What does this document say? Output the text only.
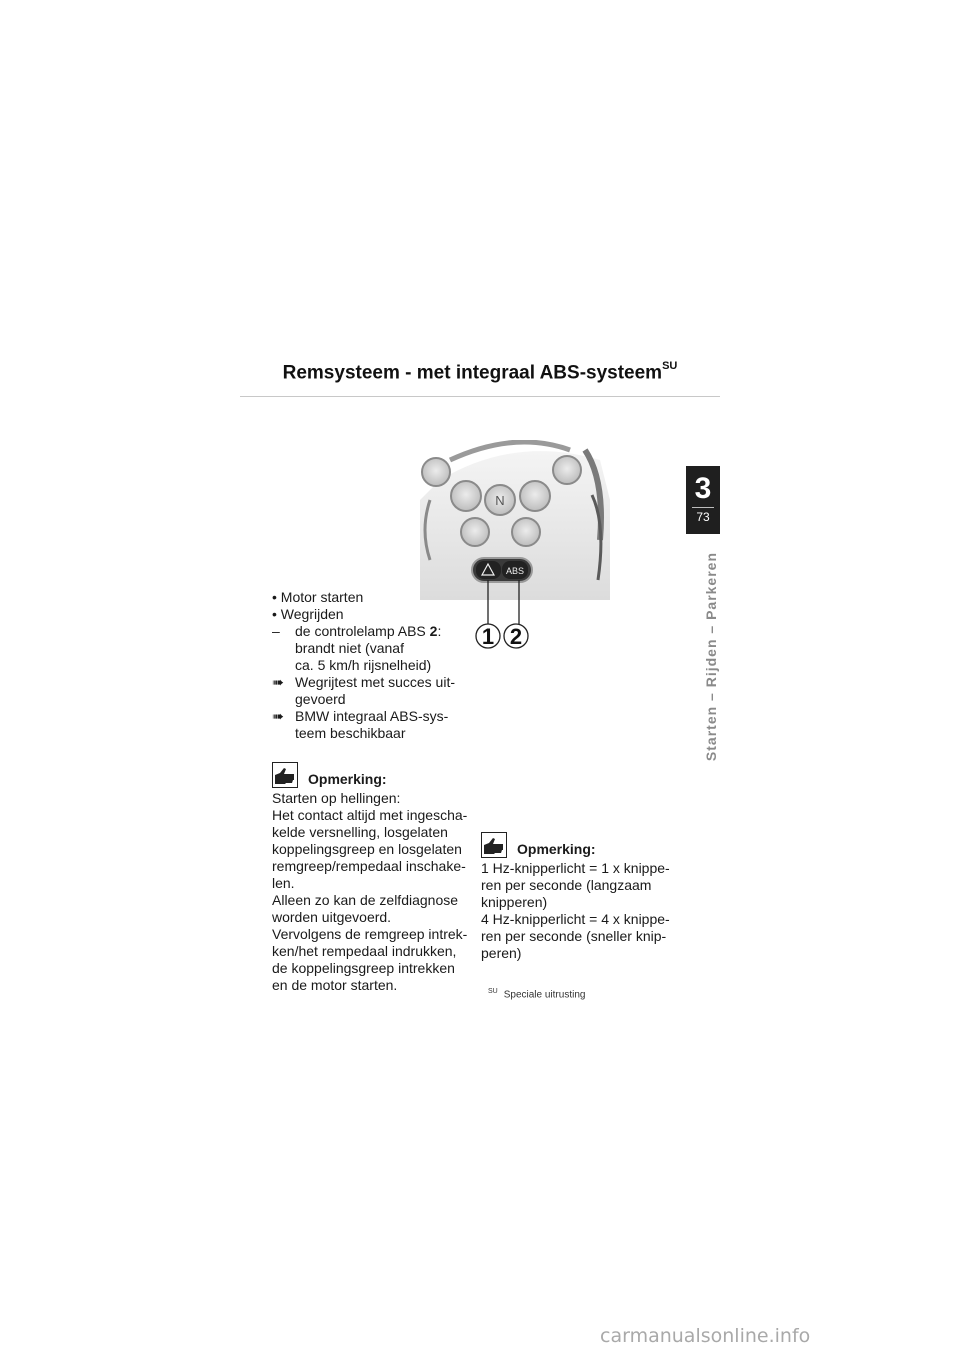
Remsysteem - met integraal ABS-systeem$^{SU}$
3
73
Starten – Rijden – Parkeren
N
ABS
1 2
• Motor starten
• Wegrijden
– de controlelamp ABS 2:
brandt niet (vanaf
ca. 5 km/h rijsnelheid)
➠ Wegrijtest met succes uit-
gevoerd
➠ BMW integraal ABS-sys-
teem beschikbaar
Opmerking:
Starten op hellingen:
Het contact altijd met ingescha-
kelde versnelling, losgelaten
koppelingsgreep en losgelaten
remgreep/rempedaal inschake-
len.
Alleen zo kan de zelfdiagnose
worden uitgevoerd.
Vervolgens de remgreep intrek-
ken/het rempedaal indrukken,
de koppelingsgreep intrekken
en de motor starten.
Opmerking:
1 Hz-knipperlicht = 1 x knippe-
ren per seconde (langzaam
knipperen)
4 Hz-knipperlicht = 4 x knippe-
ren per seconde (sneller knip-
peren)
$^{SU}$ Speciale uitrusting
carmanualsonline.info
